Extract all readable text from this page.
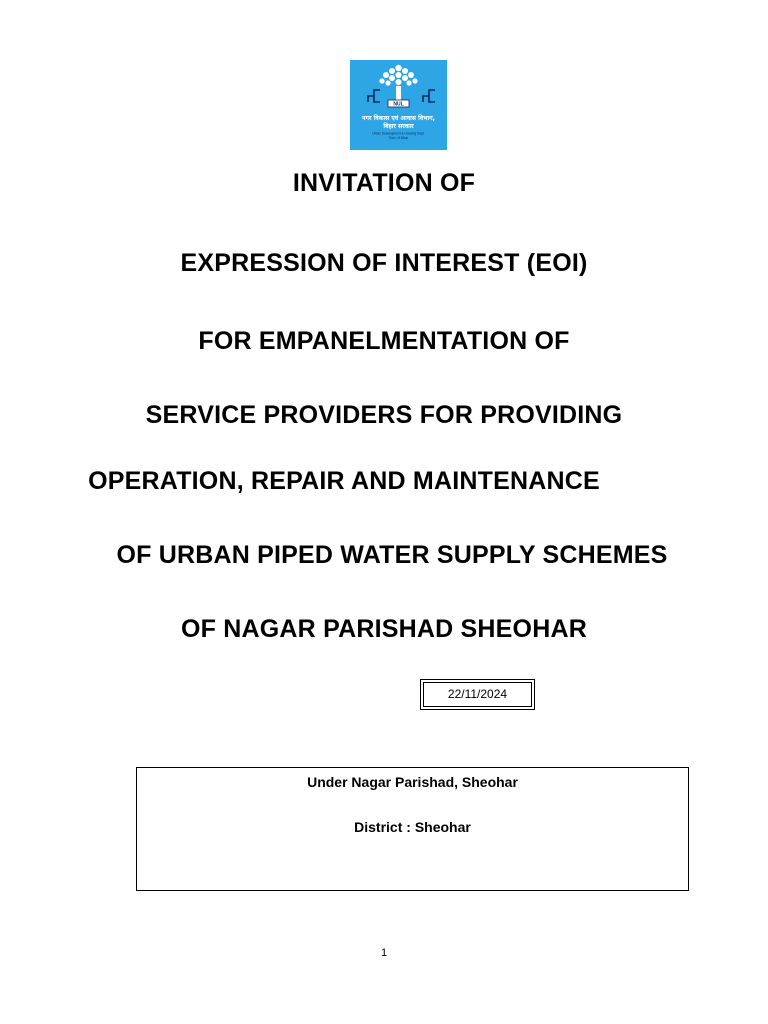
NUL
नगर विकास एवं आवास विभाग,
बिहार सरकार
Urban Development & Housing Dept.
Govt. of Bihar
INVITATION OF
EXPRESSION OF INTEREST (EOI)
FOR EMPANELMENTATION OF
SERVICE PROVIDERS FOR PROVIDING
OPERATION, REPAIR AND MAINTENANCE
OF URBAN PIPED WATER SUPPLY SCHEMES
OF NAGAR PARISHAD SHEOHAR
22/11/2024
Under Nagar Parishad, Sheohar
District : Sheohar
1
